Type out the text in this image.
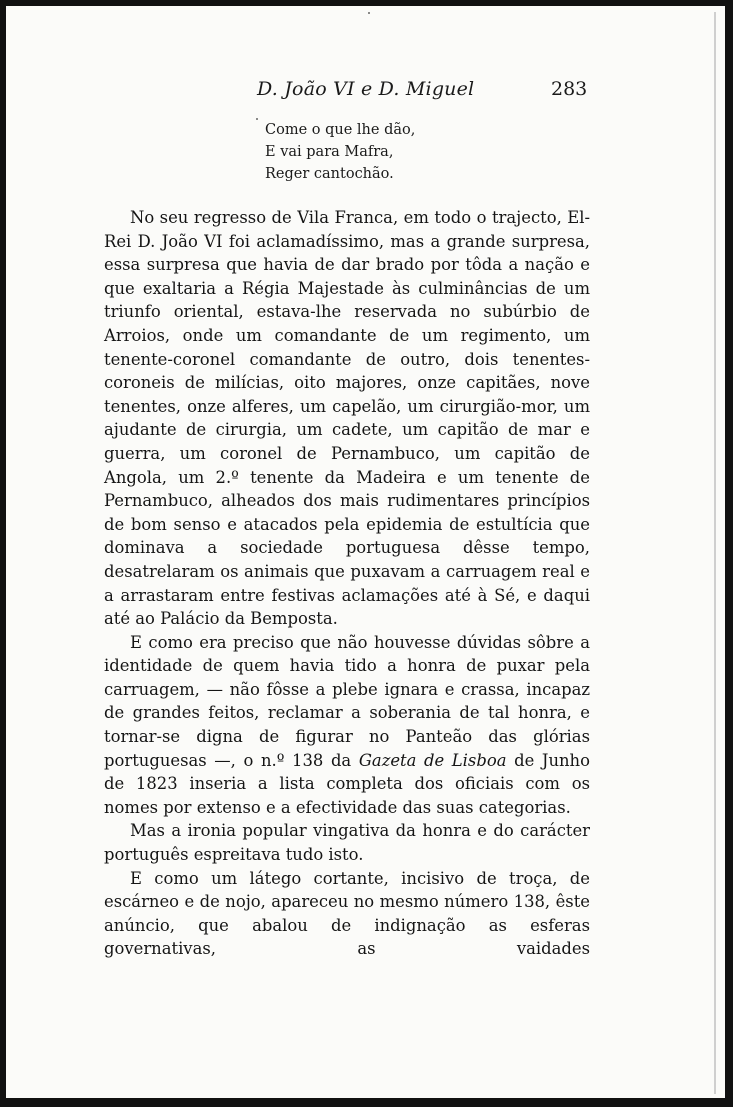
D. João VI e D. Miguel	283
Come o que lhe dão,
E vai para Mafra,
Reger cantochão.

No seu regresso de Vila Franca, em todo o trajecto, El-Rei D. João VI foi aclamadíssimo, mas a grande surpresa, essa surpresa que havia de dar brado por tôda a nação e que exaltaria a Régia Majestade às culminâncias de um triunfo oriental, estava-lhe reservada no subúrbio de Arroios, onde um comandante de um regimento, um tenente-coronel comandante de outro, dois tenentes-coroneis de milícias, oito majores, onze capitães, nove tenentes, onze alferes, um capelão, um cirurgião-mor, um ajudante de cirurgia, um cadete, um capitão de mar e guerra, um coronel de Pernambuco, um capitão de Angola, um 2.º tenente da Madeira e um tenente de Pernambuco, alheados dos mais rudimentares princípios de bom senso e atacados pela epidemia de estultícia que dominava a sociedade portuguesa dêsse tempo, desatrelaram os animais que puxavam a carruagem real e a arrastaram entre festivas aclamações até à Sé, e daqui até ao Palácio da Bemposta.

E como era preciso que não houvesse dúvidas sôbre a identidade de quem havia tido a honra de puxar pela carruagem, — não fôsse a plebe ignara e crassa, incapaz de grandes feitos, reclamar a soberania de tal honra, e tornar-se digna de figurar no Panteão das glórias portuguesas —, o n.º 138 da Gazeta de Lisboa de Junho de 1823 inseria a lista completa dos oficiais com os nomes por extenso e a efectividade das suas categorias.

Mas a ironia popular vingativa da honra e do carácter português espreitava tudo isto.

E como um látego cortante, incisivo de troça, de escárneo e de nojo, apareceu no mesmo número 138, êste anúncio, que abalou de indignação as esferas governativas, as vaidades
